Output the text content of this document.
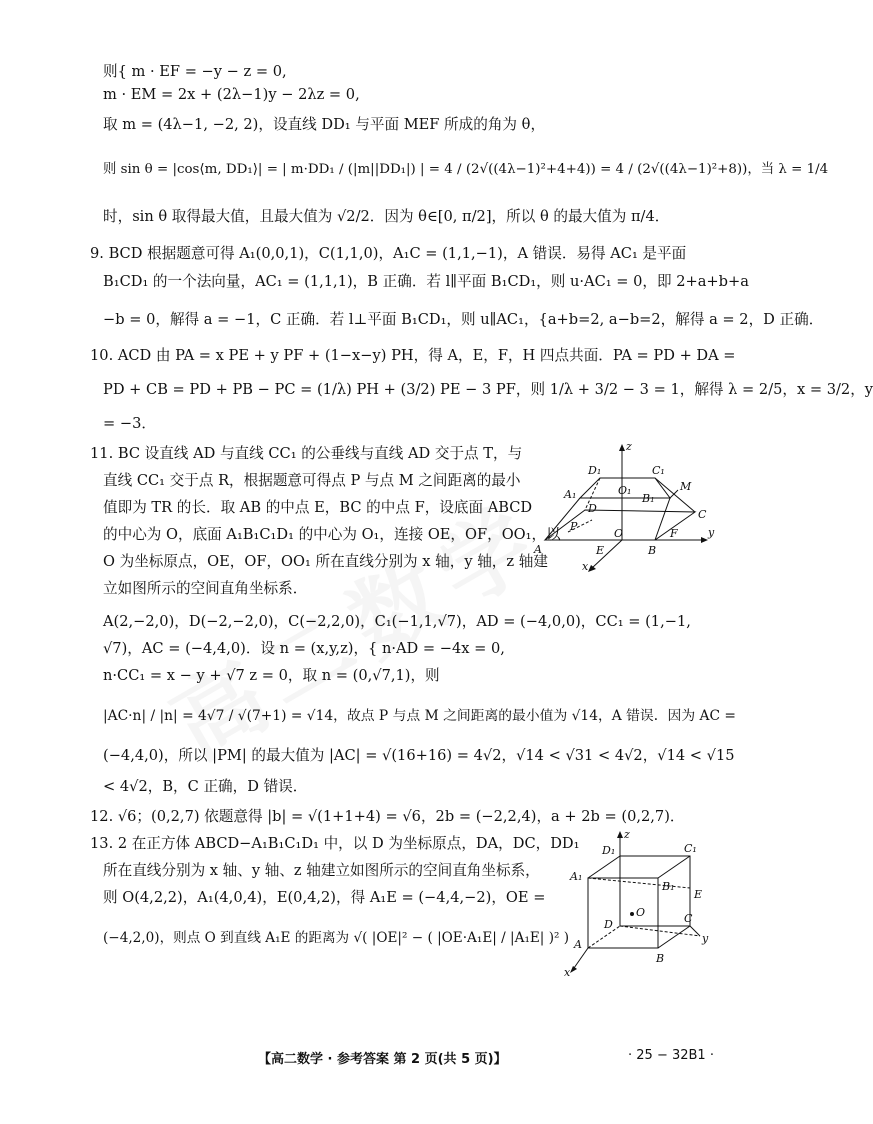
则{ m · EF = −y − z = 0,
m · EM = 2x + (2λ−1)y − 2λz = 0,
取 m = (4λ−1, −2, 2)，设直线 DD₁ 与平面 MEF 所成的角为 θ，
则 sin θ = |cos⟨m, DD₁⟩| = | m·DD₁ / (|m||DD₁|) | = 4 / (2√((4λ−1)²+4+4)) = 4 / (2√((4λ−1)²+8))，当 λ = 1/4
时，sin θ 取得最大值，且最大值为 √2/2．因为 θ∈[0, π/2]，所以 θ 的最大值为 π/4．
9. BCD 根据题意可得 A₁(0,0,1)，C(1,1,0)，A₁C = (1,1,−1)，A 错误．易得 AC₁ 是平面
B₁CD₁ 的一个法向量，AC₁ = (1,1,1)，B 正确．若 l∥平面 B₁CD₁，则 u·AC₁ = 0，即 2+a+b+a
−b = 0，解得 a = −1，C 正确．若 l⊥平面 B₁CD₁，则 u∥AC₁，{a+b=2, a−b=2，解得 a = 2，D 正确．
10. ACD 由 PA = x PE + y PF + (1−x−y) PH，得 A，E，F，H 四点共面．PA = PD + DA =
PD + CB = PD + PB − PC = (1/λ) PH + (3/2) PE − 3 PF，则 1/λ + 3/2 − 3 = 1，解得 λ = 2/5，x = 3/2，y
= −3．
11. BC 设直线 AD 与直线 CC₁ 的公垂线与直线 AD 交于点 T，与
直线 CC₁ 交于点 R，根据题意可得点 P 与点 M 之间距离的最小
值即为 TR 的长．取 AB 的中点 E，BC 的中点 F，设底面 ABCD
的中心为 O，底面 A₁B₁C₁D₁ 的中心为 O₁，连接 OE，OF，OO₁，以
O 为坐标原点，OE，OF，OO₁ 所在直线分别为 x 轴，y 轴，z 轴建
立如图所示的空间直角坐标系．
A(2,−2,0)，D(−2,−2,0)，C(−2,2,0)，C₁(−1,1,√7)，AD = (−4,0,0)，CC₁ = (1,−1,
√7)，AC = (−4,4,0)．设 n = (x,y,z)，{ n·AD = −4x = 0,
n·CC₁ = x − y + √7 z = 0，取 n = (0,√7,1)，则
|AC·n| / |n| = 4√7 / √(7+1) = √14，故点 P 与点 M 之间距离的最小值为 √14，A 错误．因为 AC =
(−4,4,0)，所以 |PM| 的最大值为 |AC| = √(16+16) = 4√2，√14 < √31 < 4√2，√14 < √15
< 4√2，B，C 正确，D 错误．
12. √6；(0,2,7) 依题意得 |b| = √(1+1+4) = √6，2b = (−2,2,4)，a + 2b = (0,2,7)．
13. 2 在正方体 ABCD−A₁B₁C₁D₁ 中，以 D 为坐标原点，DA，DC，DD₁
所在直线分别为 x 轴、y 轴、z 轴建立如图所示的空间直角坐标系，
则 O(4,2,2)，A₁(4,0,4)，E(0,4,2)，得 A₁E = (−4,4,−2)，OE =
(−4,2,0)，则点 O 到直线 A₁E 的距离为 √( |OE|² − ( |OE·A₁E| / |A₁E| )² )
z
D₁	C₁
A₁	O₁
B₁
M
D	C
P
O	y
A	E
F
B
x
z
D₁	C₁
A₁
B₁
E
O
D	C
y
A
B
x
【高二数学 · 参考答案 第 2 页(共 5 页)】	· 25 − 32B1 ·
